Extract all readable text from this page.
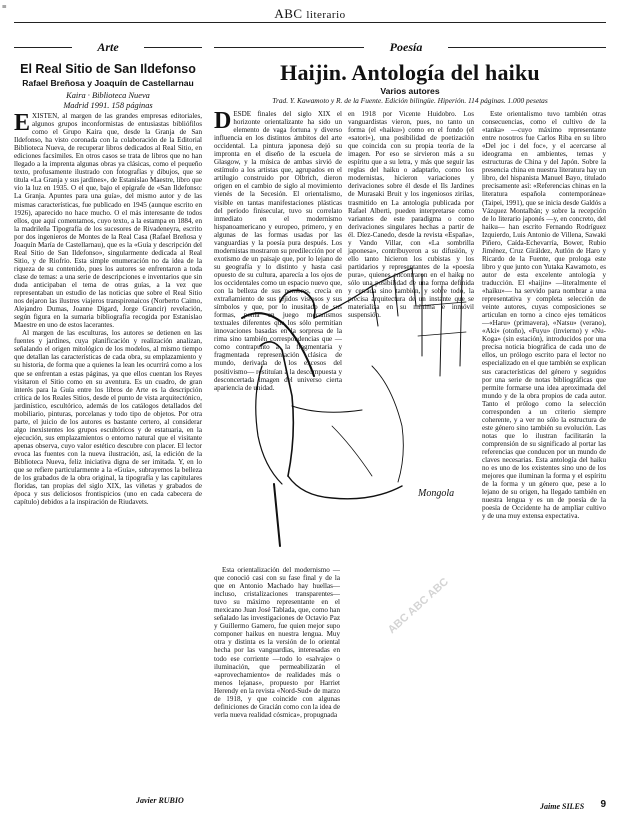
≡	ABC literario
Arte
El Real Sitio de San Ildefonso
Rafael Breñosa y Joaquín de Castellarnau
Kaira · Biblioteca Nueva
Madrid 1991. 158 páginas

EXISTEN, al margen de las grandes empresas editoriales, algunos grupos inconformistas de entusiastas bibliófilos como el Grupo Kaira que, desde la Granja de San Ildefonso, ha visto coronada con la colaboración de la Editorial Biblioteca Nueva, de recuperar libros dedicados al Real Sitio, en ediciones facsímiles. En otros casos se trata de libros que no han llegado a la imprenta algunas obras ya clásicas, como el pequeño texto, profusamente ilustrado con fotografías y dibujos, que se titula «La Granja y sus jardines», de Estanislao Maestre, libro que vio la luz en 1935. O el que, bajo el epígrafe de «San Ildefonso: La Granja. Apuntes para una guía», del mismo autor y de las mismas características, fue publicado en 1945 (aunque escrito en 1926), aparecido no hace mucho. O el más interesante de todos ellos, que aquí comentamos, cuyo texto, a la estampa en 1884, en la madrileña Tipografía de los sucesores de Rivadeneyra, escrito por dos ingenieros de Montes de la Real Casa (Rafael Breñosa y Joaquín María de Castellarnau), que es la «Guía y descripción del Real Sitio de San Ildefonso», singularmente dedicada al Real Sitio, y de Riofrío. Esta simple enumeración no da idea de la riqueza de su contenido, pues los autores se enfrentaron a toda clase de temas: a una serie de descripciones e inventarios que sin duda anticipaban el tema de otras guías, a la vez que representaban un estudio de las noticias que sobre el Real Sitio nos dejaron las ilustres viajeros transpirenaicos (Norberto Caimo, Alejandro Dumas, Joanne Digard, Jorge Grancir) revelación, según figura en la sumaria bibliografía recogida por Estanislao Maestre en uno de estos lacerantes.

Al margen de las esculturas, los autores se detienen en las fuentes y jardines, cuya planificación y realización analizan, señalando el origen mitológico de los modelos, al mismo tiempo que detallan las características de cada obra, su emplazamiento y su historia, de forma que a quienes la lean les ocurrirá como a los que se enfrentan a estas páginas, ya que ellos cuentan los Reyes visitaron el Sitio como en su aventura. Es un cuadro, de gran interés para la Guía entre los libros de Arte es la descripción crítica de los Reales Sitios, desde el punto de vista arquitectónico, jardinístico, escultórico, además de los catálogos detallados del mobiliario, pinturas, porcelanas y todo tipo de objetos. Por otra parte, el juicio de los autores es bastante certero, al considerar algo inexistentes los grupos escultóricos y de estatuaria, en la ejecución, sus emplazamientos o entorno natural que el visitante apenas observa, cuyo valor estético descubre con placer. El lector evoca las fuentes con la nueva ilustración, así, la edición de la Biblioteca Nueva, feliz iniciativa digna de ser imitada. Y, en lo que se refiere particularmente a la «Guía», subrayemos la belleza de los grabados de la obra original, la tipografía y las capitulares floridas, tan propias del siglo XIX, las viñetas y grabados de época y sus deliciosos frontispicios (uno en cada cabecera de capítulo) debidos a la inspiración de Riudavets.

Javier RUBIO
Poesía
Haijin. Antología del haiku
Varios autores
Trad. Y. Kawamoto y R. de la Fuente. Edición bilingüe. Hiperión. 114 páginas. 1.000 pesetas

DESDE finales del siglo XIX el horizonte orientalizante ha sido un elemento de vaga fortuna y diverso influencia en los distintos ámbitos del arte occidental. La pintura japonesa dejó su impronta en el diseño de la escuela de Glasgow, y la música de ambas sirvió de estímulo a los artistas que, agrupados en el artilugio construido por Olbrich, dieron origen en el cambio de siglo al movimiento vienés de la Secesión. El orientalismo, visible en tantas manifestaciones plásticas del período finisecular, tuvo su correlato inmediato en el modernismo hispanoamericano y europeo, primero, y en algunas de las formas usadas por las vanguardias y la poesía pura después. Los modernistas mostraron su predilección por el exotismo de un paisaje que, por lo lejano de su geografía y lo distinto y hasta casi opuesto de su cultura, aparecía a los ojos de los occidentales como un espacio nuevo que, con la belleza de sus nombres, crecía en extrañamiento de sus tejidos vistosos y sus símbolos y que, por lo inusitado de sus formas, ponía en juego mecanismos textuales diferentes que los sólo permitían innovaciones basadas en la sorpresa de la rima sino también correspondencias que —como contrapunto a la fragmentaria y fragmentada representación clásica de mundo, derivada de los excesos del positivismo— restituían a la descompuesta y desconcertada imagen del universo cierta apariencia de unidad.

en 1918 por Vicente Huidobro. Los vanguardistas vieron, pues, no tanto un forma (el «haiku») como en el fondo (el «satori»), una posibilidad de poetización que coincida con su propia teoría de la imagen. Por eso se sirvieron más a su espíritu que a su letra, y más que seguir las reglas del haiku o adaptarlo, como los modernistas, hicieron variaciones y derivaciones sobre él desde el Ils Jardines de Murasaki Bruit y los ingeniosos zirilas, trasmitido en La antología publicada por Rafael Alberti, pueden interpretarse como variantes de este paradigma o como derivaciones singulares hechas a partir de él. Díez-Canedo, desde la revista «España», y Vando Villar, con «La sombrilla japonesa», contribuyeron a su difusión, y ello tanto hicieron los cubistas y los partidarios y representantes de la «poesía pura», quienes encontraron en el haiku no sólo una posibilidad de una forma definida y cerrada sino también, y sobre todo, la precisa arquitectura de un instante que se materializa en su mínima e inmóvil suspensión.

Mongola

Esta orientalización del modernismo —que conoció casi con su fase final y de la que en Antonio Machado hay huellas— incluso, cristalizaciones transparentes— tuvo su máximo representante en el mexicano Juan José Tablada, que, como han señalado las investigaciones de Octavio Paz y Guillermo Gamero, fue quien mejor supo componer haikus en nuestra lengua. Muy otra y distinta es la versión de lo oriental hecha por las vanguardias, interesadas en todo ese corriente —todo lo «salvaje» o iluminación, que permeabilizarán el «aprovechamiento» de realidades más o menos lejanas», propuesto por Harriet Herendy en la revista «Nord-Sud» de marzo de 1918, y que coincide con algunas definiciones de Gracián como con la idea de verla nueva realidad cósmica», propugnada

Este orientalismo tuvo también otras consecuencias, como el cultivo de la «tanka» —cuyo máximo representante entre nosotros fue Carlos Riba en su libro «Del joc i del foc», y el acercarse al ideograma en ambientes, temas y estructuras de China y del Japón. Sobre la presencia china en nuestra literatura hay un libro, del hispanista Manuel Bayo, titulado precisamente así: «Referencias chinas en la literatura española contemporánea» (Taipei, 1991), que se inicia desde Galdós a Vázquez Montalbán; y sobre la recepción de lo literario japonés —y, en concreto, del haiku— han escrito Fernando Rodríguez Izquierdo, Luis Antonio de Villena, Sawaki Piñero, Caída-Echevarría, Bower, Rubio Jiménez, Cruz Giráldez, Autlón de Haro y Ricardo de la Fuente, que prologa este libro y que junto con Yutaka Kawamoto, es autor de esta excelente antología y traducción. El «haijin» —literalmente el «haiku»— ha servido para nombrar a una representativa y completa selección de veinte autores, cuyas composiciones se articulan en torno a cinco ejes temáticos —«Haru» (primavera), «Natsu» (verano), «Aki» (otoño), «Fuyu» (invierno) y «Nu-Koga» (sin estación), introducidos por una precisa noticia biográfica de cada uno de ellos, un prólogo escrito para el lector no especializado en el que también se explican sus características del género y seguidos por una serie de notas bibliográficas que permite formarse una idea aproximada del mundo y de la obra propios de cada autor. Tanto el prólogo como la selección corresponden a un criterio siempre coherente, y a ver no sólo la estructura de este género sino también su evolución. Las notas que lo ilustran facilitarán la comprensión de su significado al portar las referencias que conducen por un mundo de claves necesarias. Esta antología del haiku no es uno de los existentes sino uno de los mejores que iluminan la forma y el espíritu de la forma y un género que, pese a lo lejano de su origen, ha llegado también en nuestra lengua y es un de poesía de la poesía de Occidente ha de ampliar cultivo y de una muy extensa expectativa.

Jaime SILES
ABC ABC ABC
9
